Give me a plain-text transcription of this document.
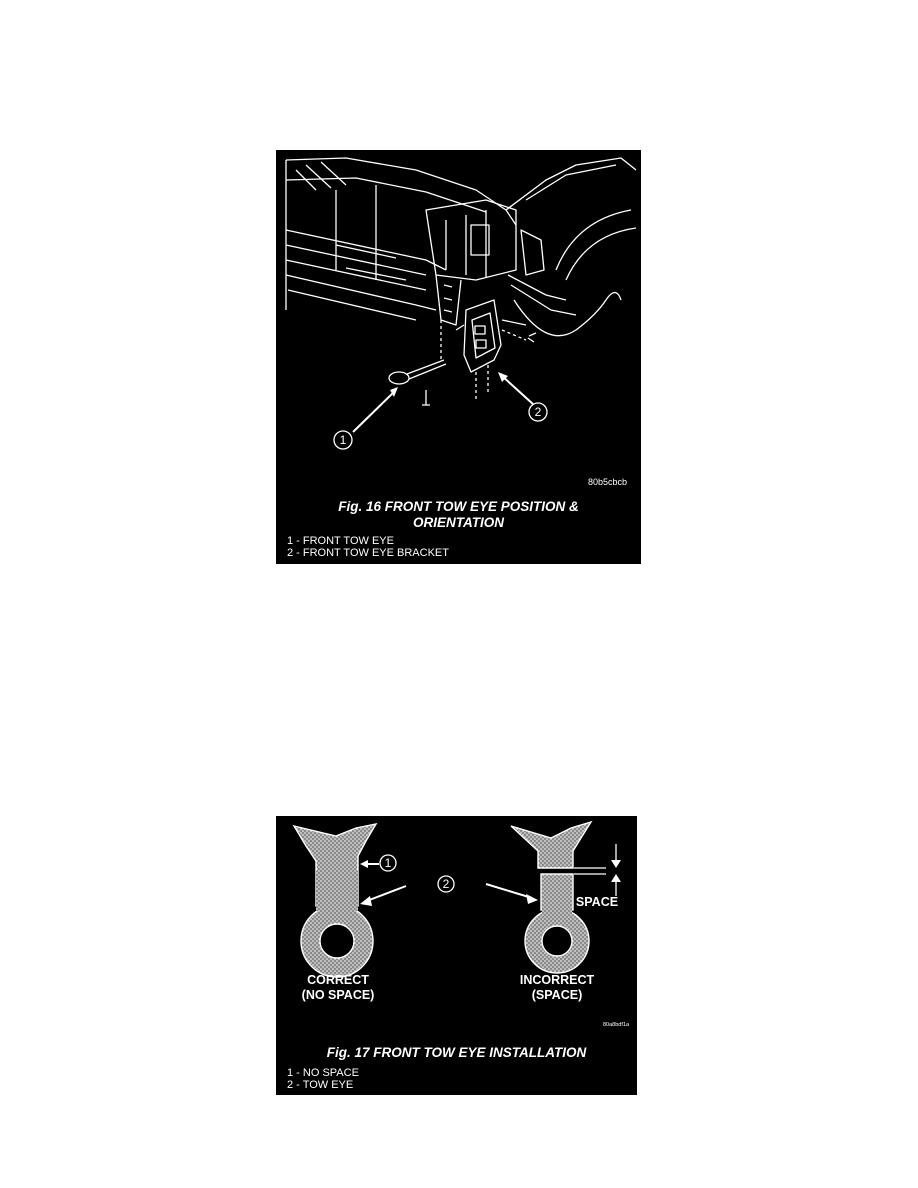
1
2
80b5cbcb
Fig. 16 FRONT TOW EYE POSITION &
ORIENTATION
1 - FRONT TOW EYE
2 - FRONT TOW EYE BRACKET
1
2
SPACE
CORRECT
(NO SPACE)
INCORRECT
(SPACE)
80a8bdf1a
Fig. 17 FRONT TOW EYE INSTALLATION
1 - NO SPACE
2 - TOW EYE
